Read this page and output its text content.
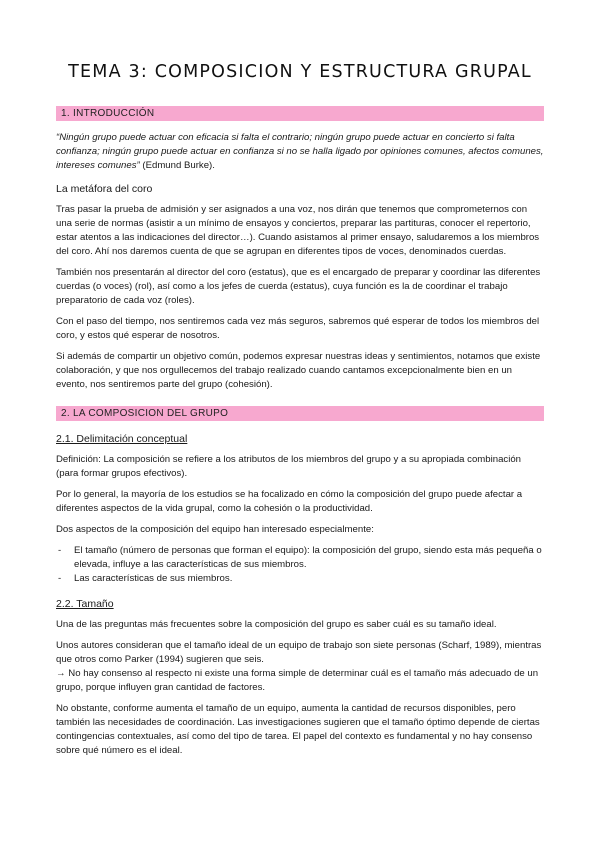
TEMA 3: COMPOSICION Y ESTRUCTURA GRUPAL
1. INTRODUCCIÓN

“Ningún grupo puede actuar con eficacia si falta el contrario; ningún grupo puede actuar en concierto si falta confianza; ningún grupo puede actuar en confianza si no se halla ligado por opiniones comunes, afectos comunes, intereses comunes” (Edmund Burke).

La metáfora del coro

Tras pasar la prueba de admisión y ser asignados a una voz, nos dirán que tenemos que comprometernos con una serie de normas (asistir a un mínimo de ensayos y conciertos, preparar las partituras, conocer el repertorio, estar atentos a las indicaciones del director…). Cuando asistamos al primer ensayo, saludaremos a los miembros del coro. Ahí nos daremos cuenta de que se agrupan en diferentes tipos de voces, denominados cuerdas.

También nos presentarán al director del coro (estatus), que es el encargado de preparar y coordinar las diferentes cuerdas (o voces) (rol), así como a los jefes de cuerda (estatus), cuya función es la de coordinar el trabajo preparatorio de cada voz (roles).

Con el paso del tiempo, nos sentiremos cada vez más seguros, sabremos qué esperar de todos los miembros del coro, y estos qué esperar de nosotros.

Si además de compartir un objetivo común, podemos expresar nuestras ideas y sentimientos, notamos que existe colaboración, y que nos orgullecemos del trabajo realizado cuando cantamos excepcionalmente bien en un evento, nos sentiremos parte del grupo (cohesión).

2. LA COMPOSICION DEL GRUPO
2.1. Delimitación conceptual

Definición: La composición se refiere a los atributos de los miembros del grupo y a su apropiada combinación (para formar grupos efectivos).

Por lo general, la mayoría de los estudios se ha focalizado en cómo la composición del grupo puede afectar a diferentes aspectos de la vida grupal, como la cohesión o la productividad.

Dos aspectos de la composición del equipo han interesado especialmente:

- El tamaño (número de personas que forman el equipo): la composición del grupo, siendo esta más pequeña o elevada, influye a las características de sus miembros.
- Las características de sus miembros.
2.2. Tamaño

Una de las preguntas más frecuentes sobre la composición del grupo es saber cuál es su tamaño ideal.

Unos autores consideran que el tamaño ideal de un equipo de trabajo son siete personas (Scharf, 1989), mientras que otros como Parker (1994) sugieren que seis.
→ No hay consenso al respecto ni existe una forma simple de determinar cuál es el tamaño más adecuado de un grupo, porque influyen gran cantidad de factores.

No obstante, conforme aumenta el tamaño de un equipo, aumenta la cantidad de recursos disponibles, pero también las necesidades de coordinación. Las investigaciones sugieren que el tamaño óptimo depende de ciertas contingencias contextuales, así como del tipo de tarea. El papel del contexto es fundamental y no hay consenso sobre qué número es el ideal.
